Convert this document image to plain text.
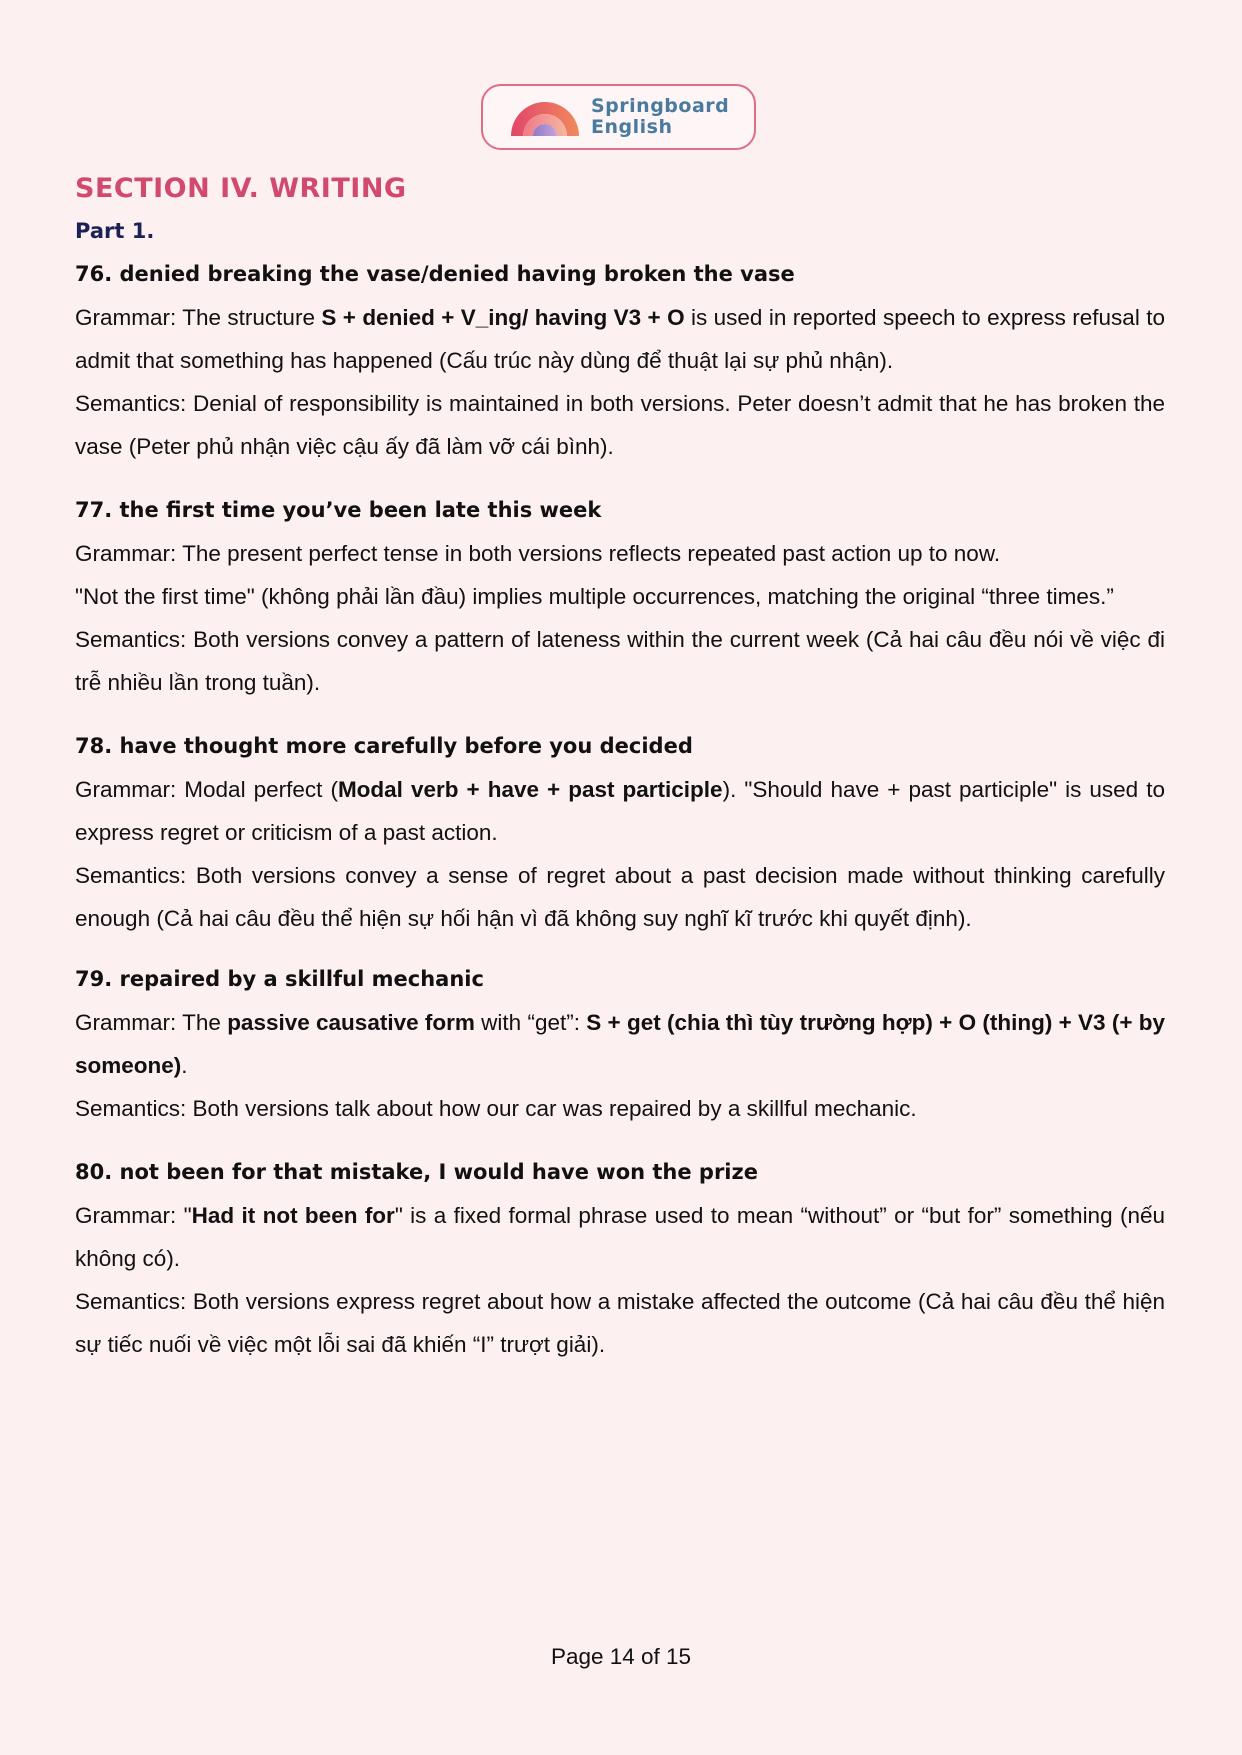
Springboard
English
SECTION IV. WRITING
Part 1.
76. denied breaking the vase/denied having broken the vase

Grammar: The structure S + denied + V_ing/ having V3 + O is used in reported speech to express refusal to admit that something has happened (Cấu trúc này dùng để thuật lại sự phủ nhận).

Semantics: Denial of responsibility is maintained in both versions. Peter doesn’t admit that he has broken the vase (Peter phủ nhận việc cậu ấy đã làm vỡ cái bình).

77. the first time you’ve been late this week

Grammar: The present perfect tense in both versions reflects repeated past action up to now.

"Not the first time" (không phải lần đầu) implies multiple occurrences, matching the original “three times.”

Semantics: Both versions convey a pattern of lateness within the current week (Cả hai câu đều nói về việc đi trễ nhiều lần trong tuần).

78. have thought more carefully before you decided

Grammar: Modal perfect (Modal verb + have + past participle). "Should have + past participle" is used to express regret or criticism of a past action.

Semantics: Both versions convey a sense of regret about a past decision made without thinking carefully enough (Cả hai câu đều thể hiện sự hối hận vì đã không suy nghĩ kĩ trước khi quyết định).

79. repaired by a skillful mechanic

Grammar: The passive causative form with “get”: S + get (chia thì tùy trường hợp) + O (thing) + V3 (+ by someone).

Semantics: Both versions talk about how our car was repaired by a skillful mechanic.

80. not been for that mistake, I would have won the prize

Grammar: "Had it not been for" is a fixed formal phrase used to mean “without” or “but for” something (nếu không có).

Semantics: Both versions express regret about how a mistake affected the outcome (Cả hai câu đều thể hiện sự tiếc nuối về việc một lỗi sai đã khiến “I” trượt giải).

Page 14 of 15
